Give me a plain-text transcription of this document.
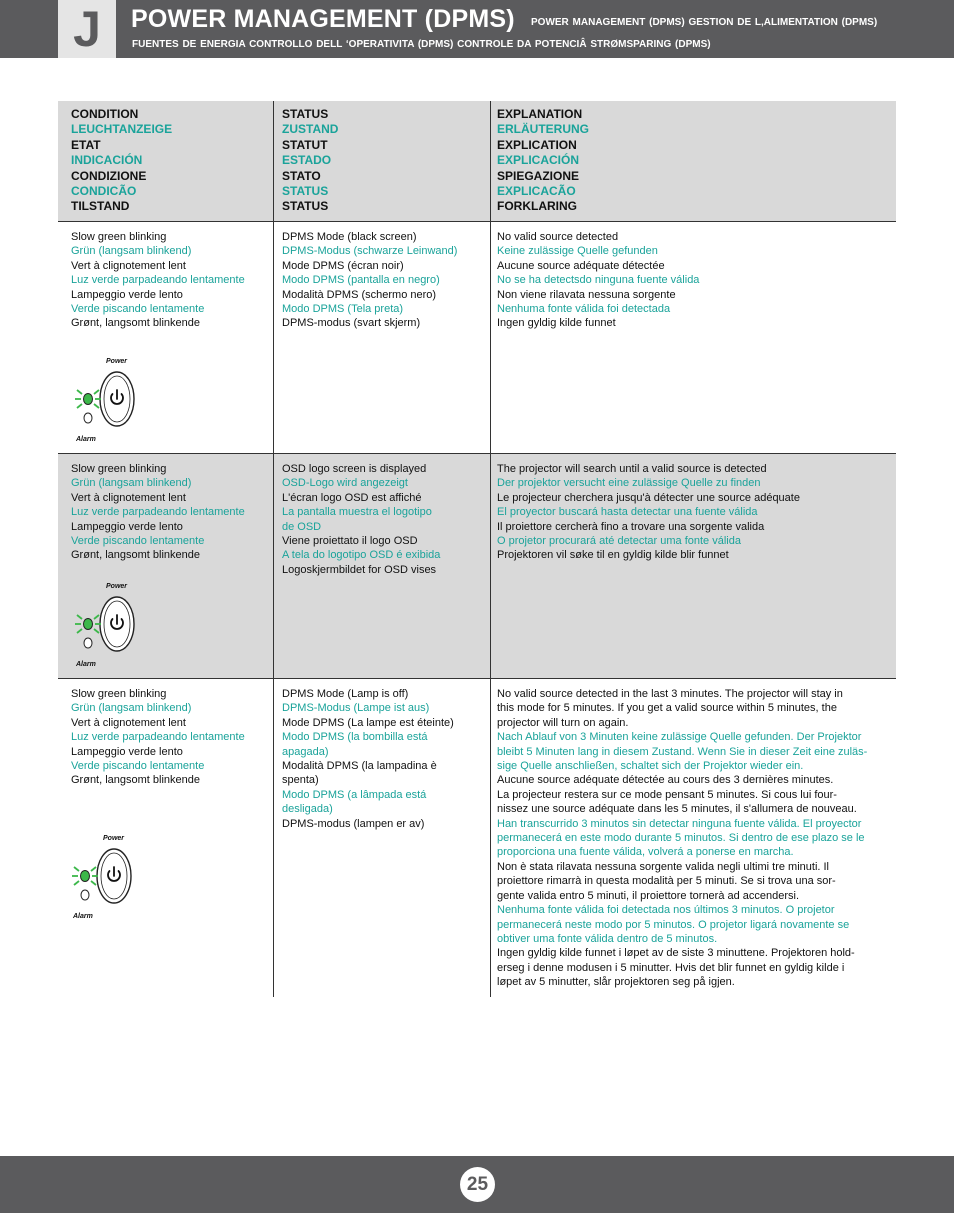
J	POWER MANAGEMENT (DPMS) POWER MANAGEMENT (DPMS) GESTION DE L,ALIMENTATION (DPMS)
FUENTES DE ENERGIA CONTROLLO DELL ‘OPERATIVITA (DPMS) CONTROLE DA POTENCIÂ STRØMSPARING (DPMS)
CONDITION
LEUCHTANZEIGE
ETAT
INDICACIÓN
CONDIZIONE
CONDICÃO
TILSTAND
STATUS
ZUSTAND
STATUT
ESTADO
STATO
STATUS
STATUS
EXPLANATION
ERLÄUTERUNG
EXPLICATION
EXPLICACIÓN
SPIEGAZIONE
EXPLICACÃO
FORKLARING
Slow green blinking
Grün (langsam blinkend)
Vert à clignotement lent
Luz verde parpadeando lentamente
Lampeggio verde lento
Verde piscando lentamente
Grønt, langsomt blinkende
Power
Alarm
DPMS Mode (black screen)
DPMS-Modus (schwarze Leinwand)
Mode DPMS (écran noir)
Modo DPMS (pantalla en negro)
Modalità DPMS (schermo nero)
Modo DPMS (Tela preta)
DPMS-modus (svart skjerm)
No valid source detected
Keine zulässige Quelle gefunden
Aucune source adéquate détectée
No se ha detectsdo ninguna fuente válida
Non viene rilavata nessuna sorgente
Nenhuma fonte válida foi detectada
Ingen gyldig kilde funnet
Slow green blinking
Grün (langsam blinkend)
Vert à clignotement lent
Luz verde parpadeando lentamente
Lampeggio verde lento
Verde piscando lentamente
Grønt, langsomt blinkende
Power
Alarm
OSD logo screen is displayed
OSD-Logo wird angezeigt
L'écran logo OSD est affiché
La pantalla muestra el logotipo
de OSD
Viene proiettato il logo OSD
A tela do logotipo OSD é exibida
Logoskjermbildet for OSD vises
The projector will search until a valid source is detected
Der projektor versucht eine zulässige Quelle zu finden
Le projecteur cherchera jusqu'à détecter une source adéquate
El proyector buscará hasta detectar una fuente válida
Il proiettore cercherà fino a trovare una sorgente valida
O projetor procurará até detectar uma fonte válida
Projektoren vil søke til en gyldig kilde blir funnet
Slow green blinking
Grün (langsam blinkend)
Vert à clignotement lent
Luz verde parpadeando lentamente
Lampeggio verde lento
Verde piscando lentamente
Grønt, langsomt blinkende
Power
Alarm
DPMS Mode (Lamp is off)
DPMS-Modus (Lampe ist aus)
Mode DPMS (La lampe est éteinte)
Modo DPMS (la bombilla está
apagada)
Modalità DPMS (la lampadina è
spenta)
Modo DPMS (a lâmpada está
desligada)
DPMS-modus (lampen er av)
No valid source detected in the last 3 minutes. The projector will stay in
this mode for 5 minutes. If you get a valid source within 5 minutes, the
projector will turn on again.
Nach Ablauf von 3 Minuten keine zulässige Quelle gefunden. Der Projektor
bleibt 5 Minuten lang in diesem Zustand. Wenn Sie in dieser Zeit eine zuläs-
sige Quelle anschließen, schaltet sich der Projektor wieder ein.
Aucune source adéquate détectée au cours des 3 dernières minutes.
La projecteur restera sur ce mode pensant 5 minutes. Si cous lui four-
nissez une source adéquate dans les 5 minutes, il s'allumera de nouveau.
Han transcurrido 3 minutos sin detectar ninguna fuente válida. El proyector
permanecerá en este modo durante 5 minutos. Si dentro de ese plazo se le
proporciona una fuente válida, volverá a ponerse en marcha.
Non è stata rilavata nessuna sorgente valida negli ultimi tre minuti. Il
proiettore rimarrà in questa modalità per 5 minuti. Se si trova una sor-
gente valida entro 5 minuti, il proiettore tornerà ad accendersi.
Nenhuma fonte válida foi detectada nos últimos 3 minutos. O projetor
permanecerá neste modo por 5 minutos. O projetor ligará novamente se
obtiver uma fonte válida dentro de 5 minutos.
Ingen gyldig kilde funnet i løpet av de siste 3 minuttene. Projektoren hold-
erseg i denne modusen i 5 minutter. Hvis det blir funnet en gyldig kilde i
løpet av 5 minutter, slår projektoren seg på igjen.
25
